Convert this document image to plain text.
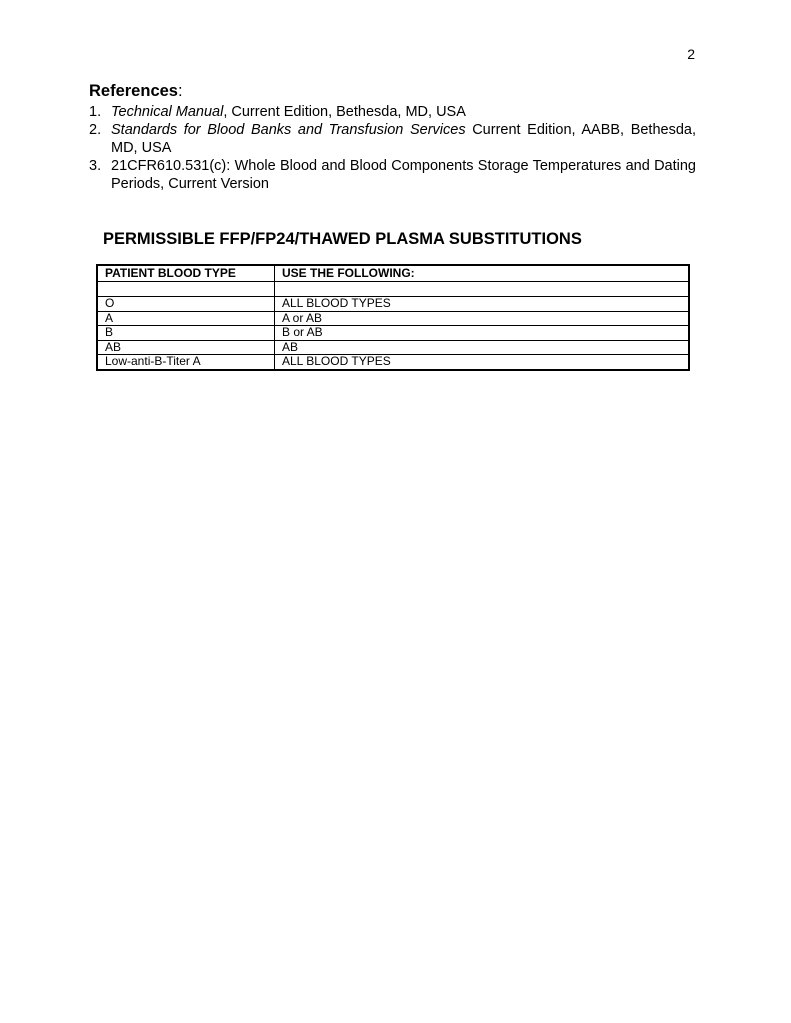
2
References:
1. Technical Manual, Current Edition, Bethesda, MD, USA
2. Standards for Blood Banks and Transfusion Services Current Edition, AABB, Bethesda, MD, USA
3. 21CFR610.531(c): Whole Blood and Blood Components Storage Temperatures and Dating Periods, Current Version
PERMISSIBLE FFP/FP24/THAWED PLASMA SUBSTITUTIONS
PATIENT BLOOD TYPE	USE THE FOLLOWING:

O	ALL BLOOD TYPES
A	A or AB
B	B or AB
AB	AB
Low-anti-B-Titer A	ALL BLOOD TYPES
